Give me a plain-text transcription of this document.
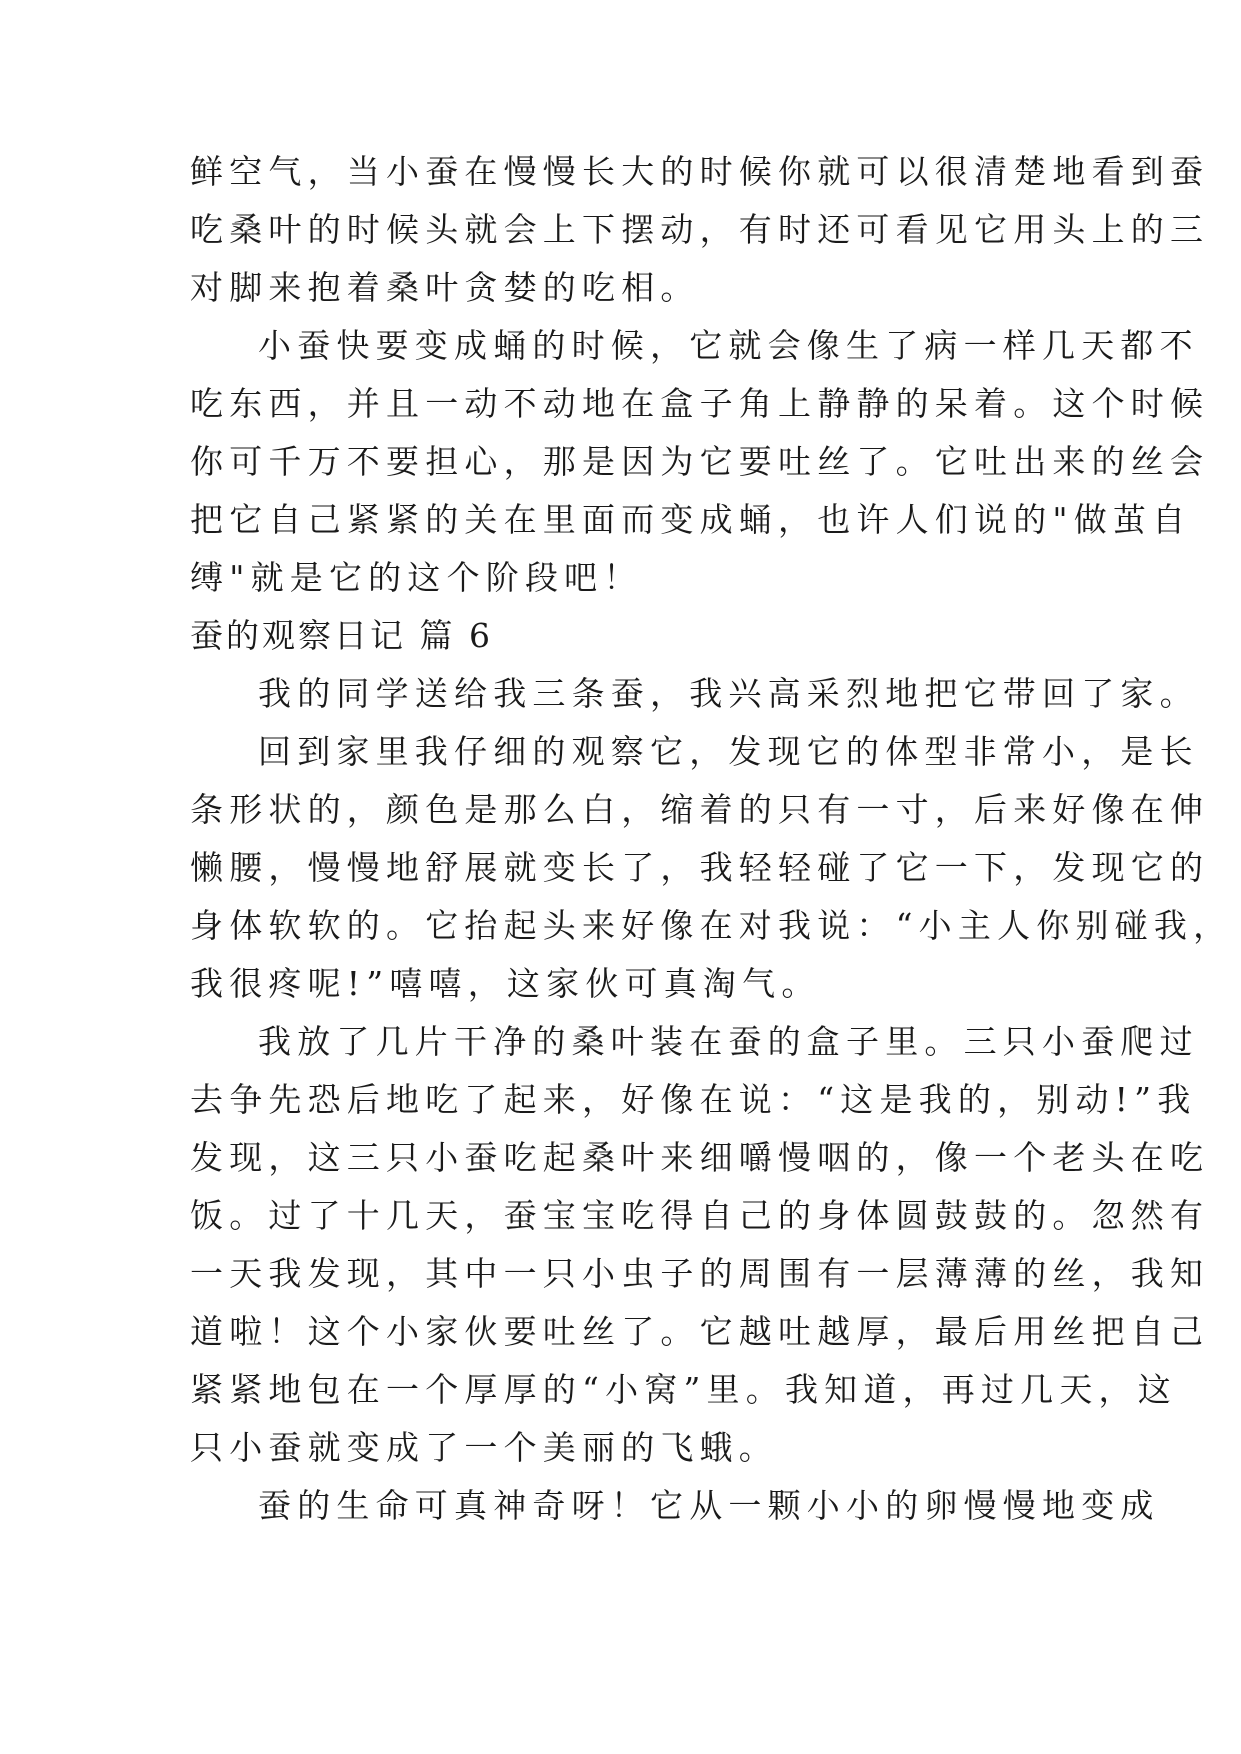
鲜空气，当小蚕在慢慢长大的时候你就可以很清楚地看到蚕
吃桑叶的时候头就会上下摆动，有时还可看见它用头上的三
对脚来抱着桑叶贪婪的吃相。
小蚕快要变成蛹的时候，它就会像生了病一样几天都不
吃东西，并且一动不动地在盒子角上静静的呆着。这个时候
你可千万不要担心，那是因为它要吐丝了。它吐出来的丝会
把它自己紧紧的关在里面而变成蛹，也许人们说的"做茧自
缚"就是它的这个阶段吧！
蚕的观察日记 篇 6
我的同学送给我三条蚕，我兴高采烈地把它带回了家。
回到家里我仔细的观察它，发现它的体型非常小，是长
条形状的，颜色是那么白，缩着的只有一寸，后来好像在伸
懒腰，慢慢地舒展就变长了，我轻轻碰了它一下，发现它的
身体软软的。它抬起头来好像在对我说：“小主人你别碰我，
我很疼呢!”嘻嘻，这家伙可真淘气。
我放了几片干净的桑叶装在蚕的盒子里。三只小蚕爬过
去争先恐后地吃了起来，好像在说：“这是我的，别动!”我
发现，这三只小蚕吃起桑叶来细嚼慢咽的，像一个老头在吃
饭。过了十几天，蚕宝宝吃得自己的身体圆鼓鼓的。忽然有
一天我发现，其中一只小虫子的周围有一层薄薄的丝，我知
道啦！这个小家伙要吐丝了。它越吐越厚，最后用丝把自己
紧紧地包在一个厚厚的“小窝”里。我知道，再过几天，这
只小蚕就变成了一个美丽的飞蛾。
蚕的生命可真神奇呀！它从一颗小小的卵慢慢地变成
